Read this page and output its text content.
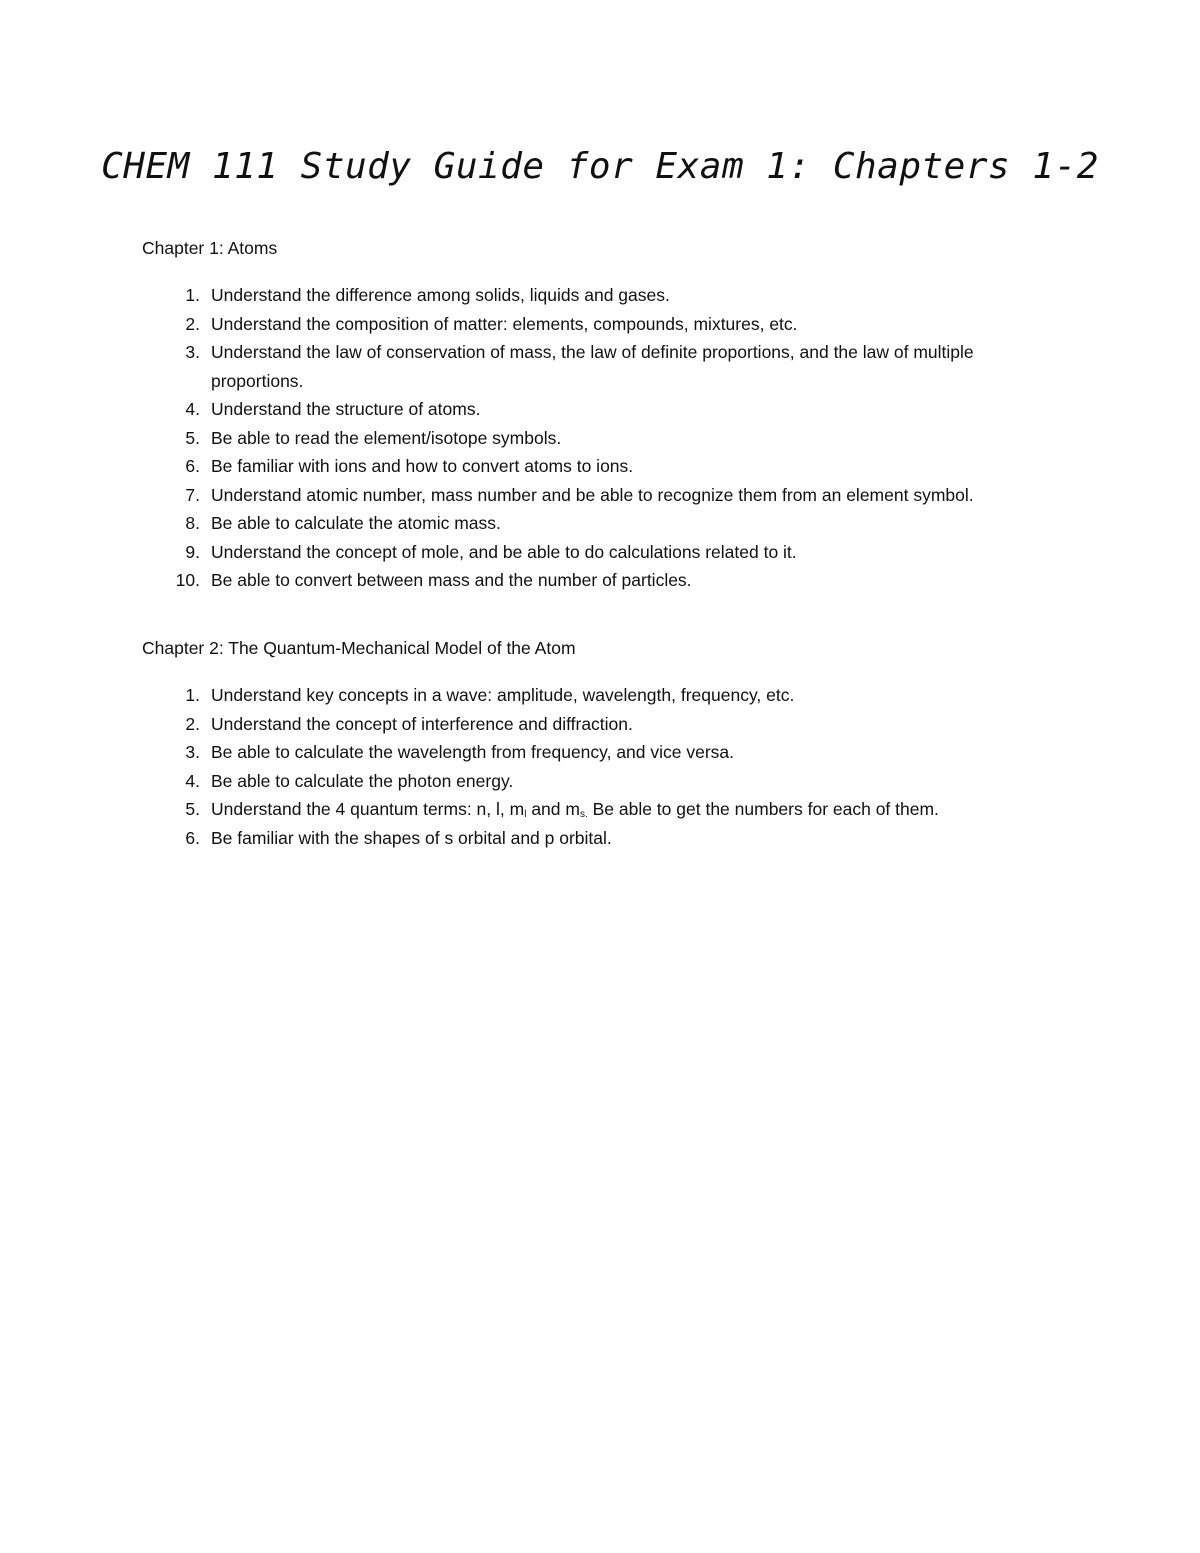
CHEM 111 Study Guide for Exam 1: Chapters 1-2
Chapter 1: Atoms
1. Understand the difference among solids, liquids and gases.
2. Understand the composition of matter: elements, compounds, mixtures, etc.
3. Understand the law of conservation of mass, the law of definite proportions, and the law of multiple proportions.
4. Understand the structure of atoms.
5. Be able to read the element/isotope symbols.
6. Be familiar with ions and how to convert atoms to ions.
7. Understand atomic number, mass number and be able to recognize them from an element symbol.
8. Be able to calculate the atomic mass.
9. Understand the concept of mole, and be able to do calculations related to it.
10. Be able to convert between mass and the number of particles.
Chapter 2: The Quantum-Mechanical Model of the Atom
1. Understand key concepts in a wave: amplitude, wavelength, frequency, etc.
2. Understand the concept of interference and diffraction.
3. Be able to calculate the wavelength from frequency, and vice versa.
4. Be able to calculate the photon energy.
5. Understand the 4 quantum terms: n, l, $m_l$ and $m_{s.}$ Be able to get the numbers for each of them.
6. Be familiar with the shapes of s orbital and p orbital.
